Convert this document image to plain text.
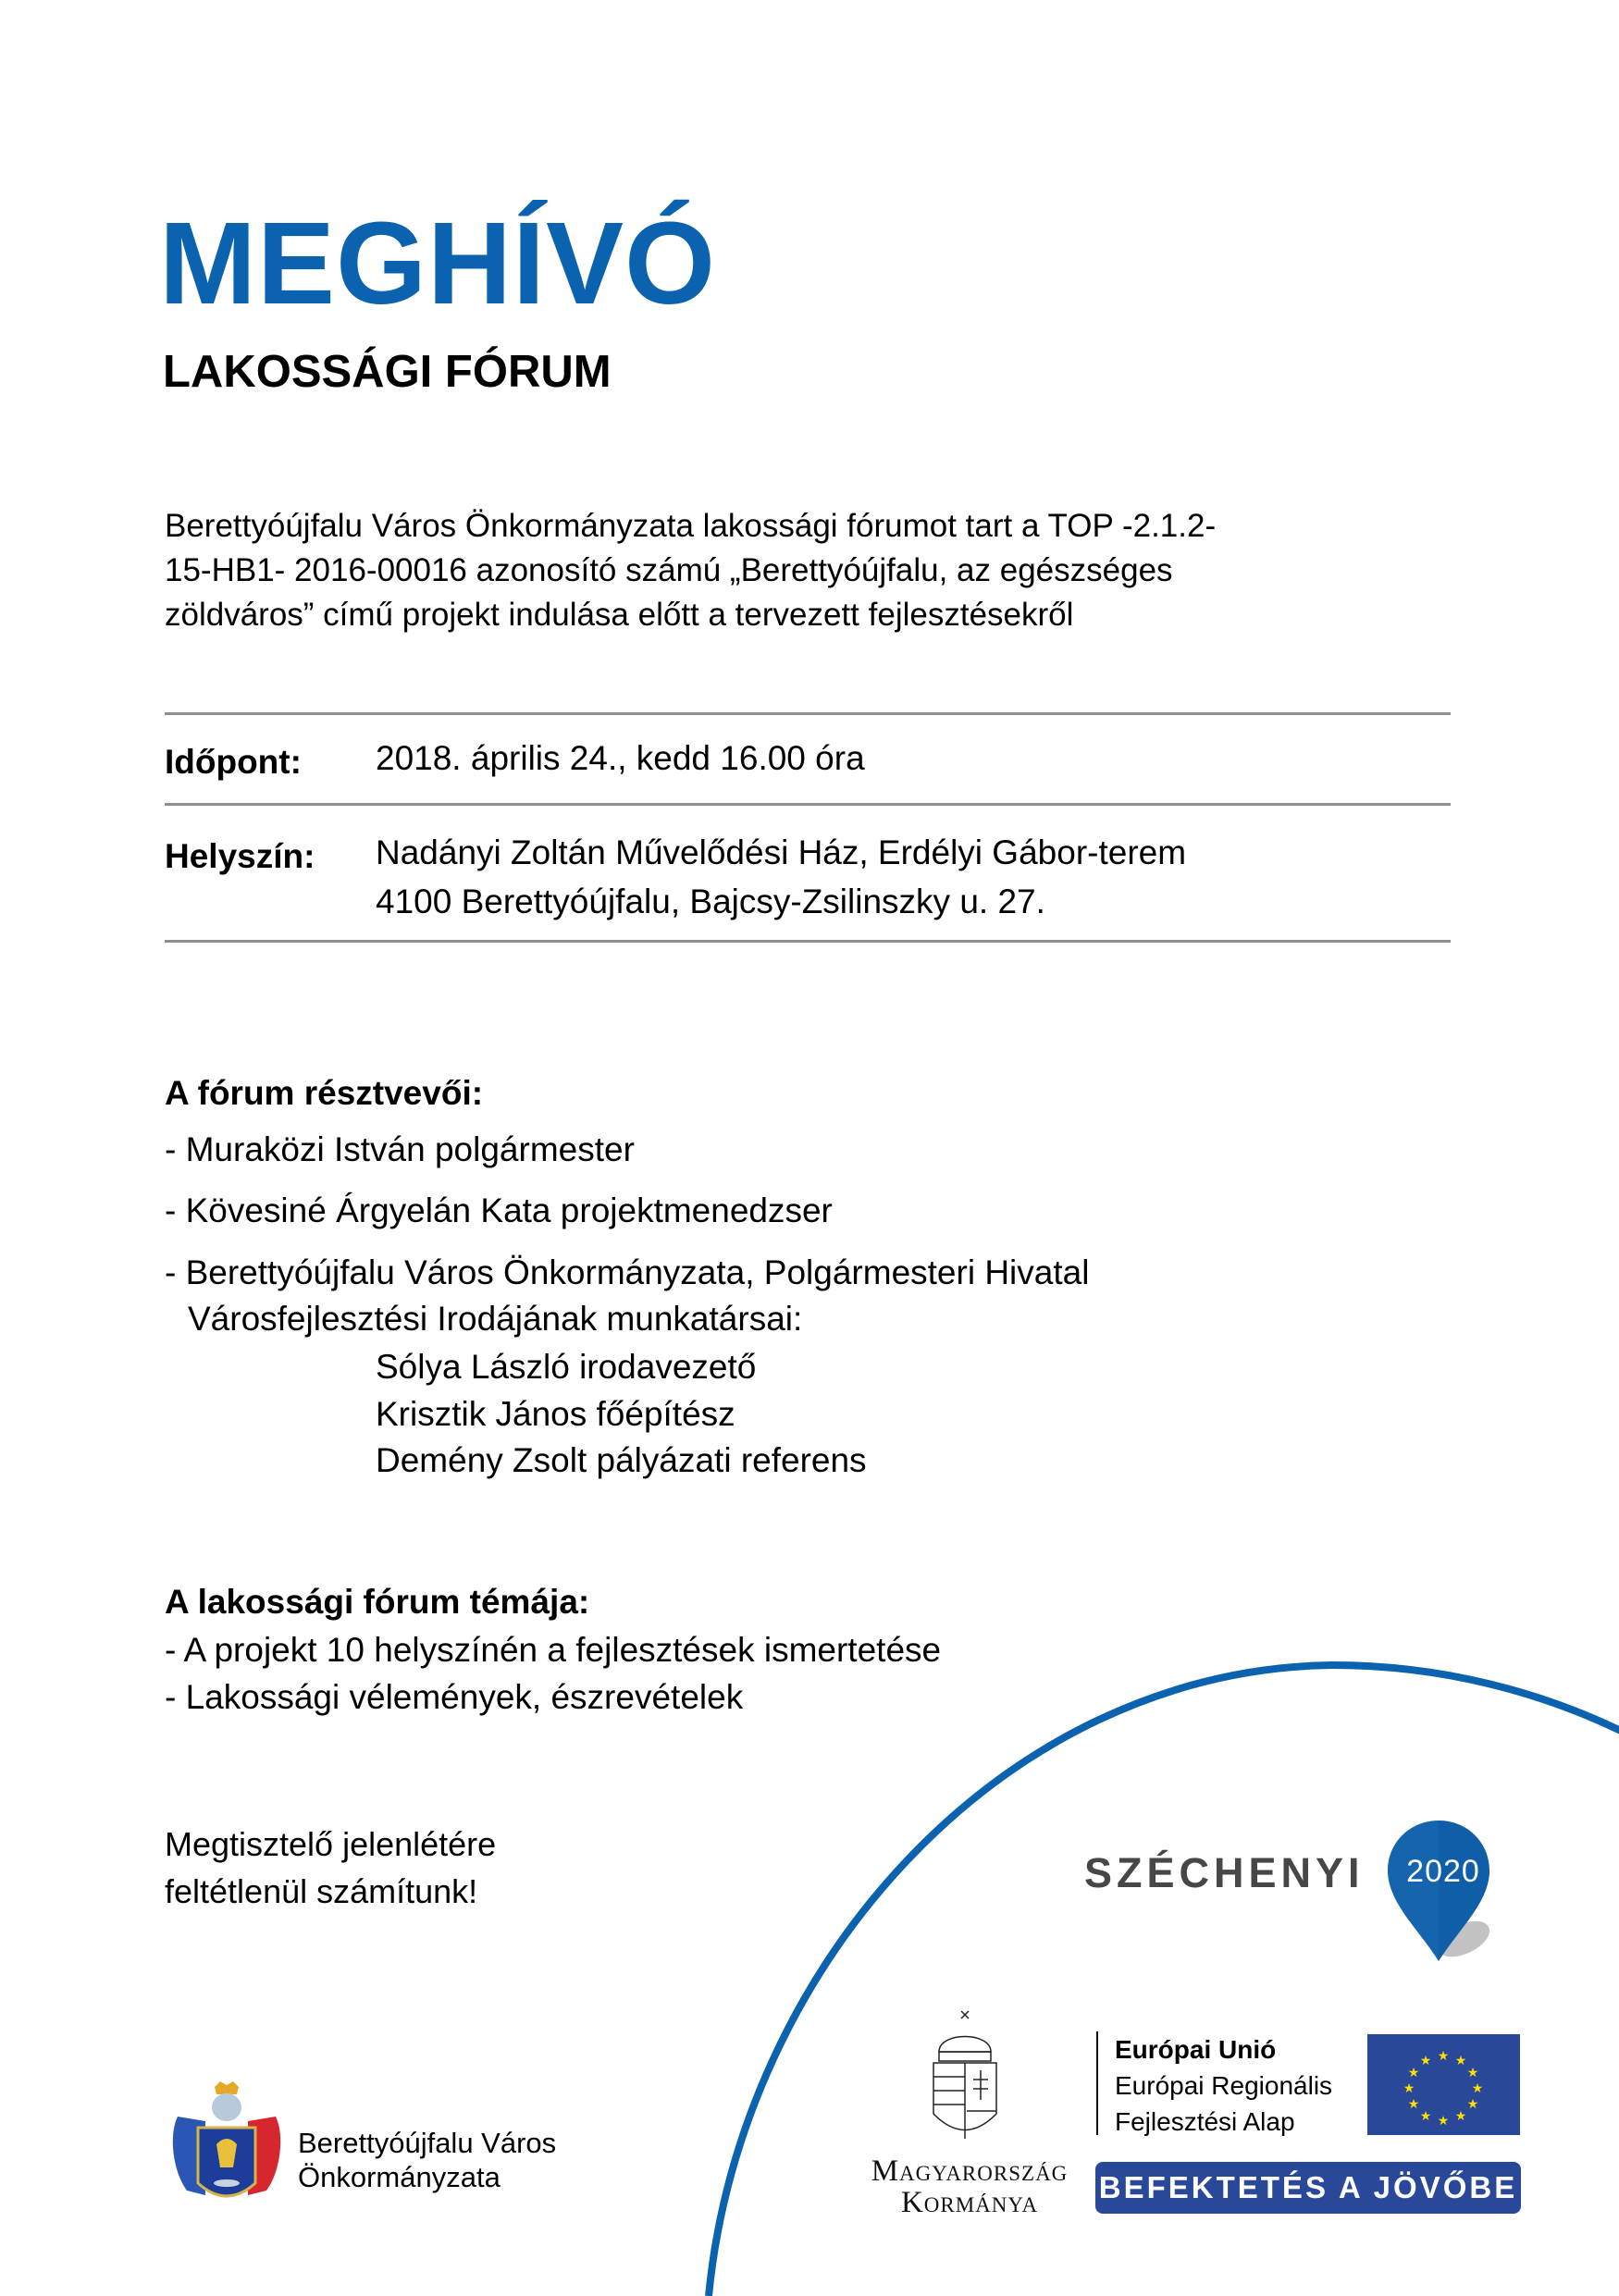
MEGHÍVÓ
LAKOSSÁGI FÓRUM
Berettyóújfalu Város Önkormányzata lakossági fórumot tart a TOP -2.1.2-
15-HB1- 2016-00016 azonosító számú „Berettyóújfalu, az egészséges
zöldváros” című projekt indulása előtt a tervezett fejlesztésekről
Időpont: 2018. április 24., kedd 16.00 óra
Helyszín: Nadányi Zoltán Művelődési Ház, Erdélyi Gábor-terem
4100 Berettyóújfalu, Bajcsy-Zsilinszky u. 27.
A fórum résztvevői:
- Muraközi István polgármester
- Kövesiné Árgyelán Kata projektmenedzser
- Berettyóújfalu Város Önkormányzata, Polgármesteri Hivatal
Városfejlesztési Irodájának munkatársai:
Sólya László irodavezető
Krisztik János főépítész
Demény Zsolt pályázati referens
A lakossági fórum témája:
- A projekt 10 helyszínén a fejlesztések ismertetése
- Lakossági vélemények, észrevételek
Megtisztelő jelenlétére
feltétlenül számítunk!
Berettyóújfalu Város
Önkormányzata
SZÉCHENYI	2020
Magyarország
Kormánya
Európai Unió
Európai Regionális
Fejlesztési Alap
★ ★
★
★
★
★
★
★
★
★
★
★
BEFEKTETÉS A JÖVŐBE
